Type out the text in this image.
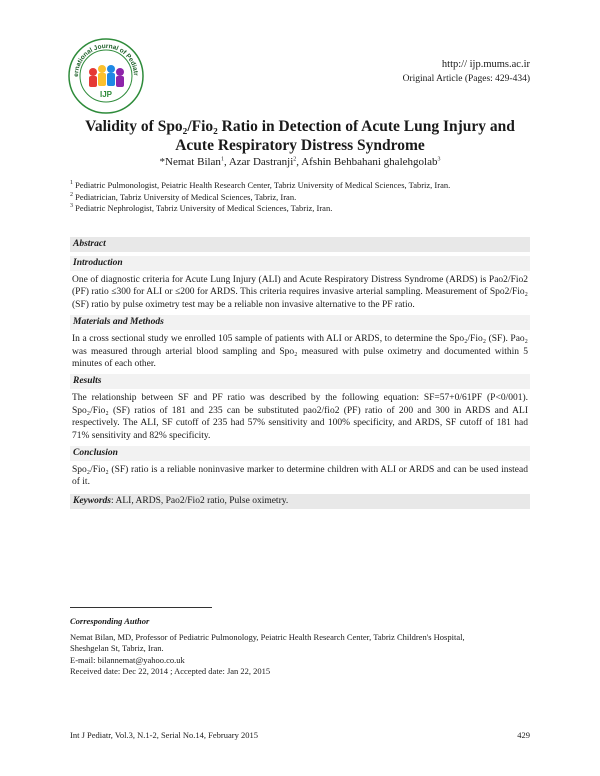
ernational Journal of Pediatr
IJP
http:// ijp.mums.ac.ir
Original Article (Pages: 429-434)
Validity of Spo₂/Fio₂ Ratio in Detection of Acute Lung Injury and
Acute Respiratory Distress Syndrome
*Nemat Bilan$^1$, Azar Dastranji$^2$, Afshin Behbahani ghalehgolab$^3$
$^1$ Pediatric Pulmonologist, Peiatric Health Research Center, Tabriz University of Medical Sciences, Tabriz, Iran.
$^2$ Pediatrician, Tabriz University of Medical Sciences, Tabriz, Iran.
$^3$ Pediatric Nephrologist, Tabriz University of Medical Sciences, Tabriz, Iran.
Abstract
Introduction
One of diagnostic criteria for Acute Lung Injury (ALI) and Acute Respiratory Distress Syndrome (ARDS) is Pao2/Fio2 (PF) ratio ≤300 for ALI or ≤200 for ARDS. This criteria requires invasive arterial sampling. Measurement of Spo2/Fio₂ (SF) ratio by pulse oximetry test may be a reliable non invasive alternative to the PF ratio.
Materials and Methods
In a cross sectional study we enrolled 105 sample of patients with ALI or ARDS, to determine the Spo₂/Fio₂ (SF). Pao₂ was measured through arterial blood sampling and Spo₂ measured with pulse oximetry and documented within 5 minutes of each other.
Results
The relationship between SF and PF ratio was described by the following equation: SF=57+0/61PF (P<0/001). Spo₂/Fio₂ (SF) ratios of 181 and 235 can be substituted pao2/fio2 (PF) ratio of 200 and 300 in ARDS and ALI respectively. The ALI, SF cutoff of 235 had 57% sensitivity and 100% specificity, and ARDS, SF cutoff of 181 had 71% sensitivity and 82% specificity.
Conclusion
Spo₂/Fio₂ (SF) ratio is a reliable noninvasive marker to determine children with ALI or ARDS and can be used instead of it.
Keywords: ALI, ARDS, Pao2/Fio2 ratio, Pulse oximetry.
Corresponding Author
Nemat Bilan, MD, Professor of Pediatric Pulmonology, Peiatric Health Research Center, Tabriz Children's Hospital,
Sheshgelan St, Tabriz, Iran.
E-mail: bilannemat@yahoo.co.uk
Received date: Dec 22, 2014 ; Accepted date: Jan 22, 2015
Int J Pediatr, Vol.3, N.1-2, Serial No.14, February 2015	429
